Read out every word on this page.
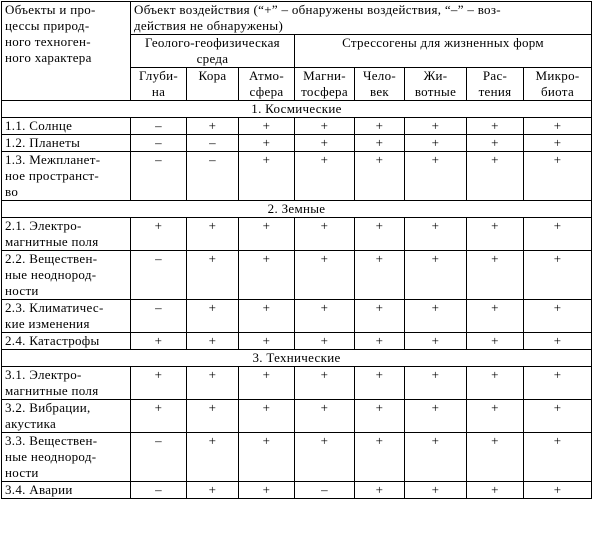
Объекты и про-
цессы природ-
ного техноген-
ного характера	Объект воздействия (“+” – обнаружены воздействия, “–” – воз-
действия не обнаружены)							
	Геолого-геофизическая
среда			Стрессогены для жизненных форм				
	Глуби-
на	Кора	Атмо-
сфера	Магни-
тосфера	Чело-
век	Жи-
вотные	Рас-
тения	Микро-
биота
1. Космические								
1.1. Солнце	–	+	+	+	+	+	+	+
1.2. Планеты	–	–	+	+	+	+	+	+
1.3. Межпланет-
ное пространст-
во	–	–	+	+	+	+	+	+
2. Земные								
2.1. Электро-
магнитные поля	+	+	+	+	+	+	+	+
2.2. Веществен-
ные неоднород-
ности	–	+	+	+	+	+	+	+
2.3. Климатичес-
кие изменения	–	+	+	+	+	+	+	+
2.4. Катастрофы	+	+	+	+	+	+	+	+
3. Технические								
3.1. Электро-
магнитные поля	+	+	+	+	+	+	+	+
3.2. Вибрации,
акустика	+	+	+	+	+	+	+	+
3.3. Веществен-
ные неоднород-
ности	–	+	+	+	+	+	+	+
3.4. Аварии	–	+	+	–	+	+	+	+
